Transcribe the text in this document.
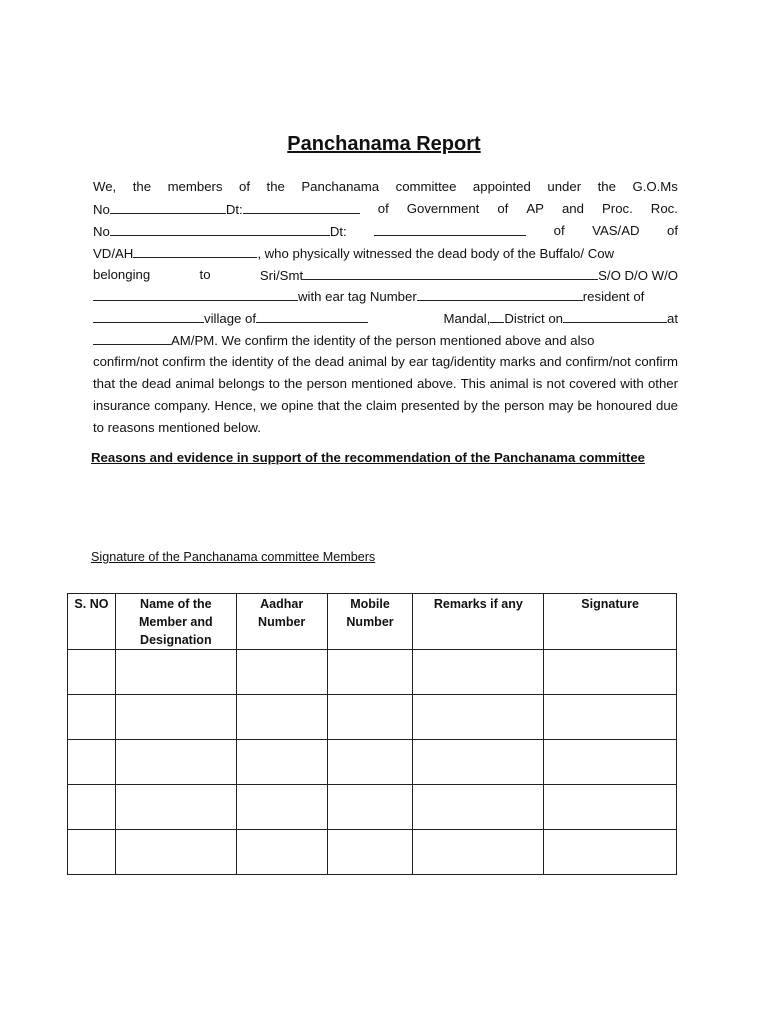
Panchanama Report
We, the members of the Panchanama committee appointed under the G.O.Ms
No	Dt:	of Government of AP and Proc. Roc.
No	Dt:	of VAS/AD of
VD/AH	, who physically witnessed the dead body of the Buffalo/ Cow
belonging	to	Sri/Smt	S/O D/O W/O
with ear tag Number	resident of
village of	Mandal, District on	at
AM/PM. We confirm the identity of the person mentioned above and also
confirm/not confirm the identity of the dead animal by ear tag/identity marks and confirm/not confirm that the dead animal belongs to the person mentioned above. This animal is not covered with other insurance company. Hence, we opine that the claim presented by the person may be honoured due to reasons mentioned below.
Reasons and evidence in support of the recommendation of the Panchanama committee
Signature of the Panchanama committee Members
S. NO	Name of the Member and Designation	Aadhar Number	Mobile Number	Remarks if any	Signature
